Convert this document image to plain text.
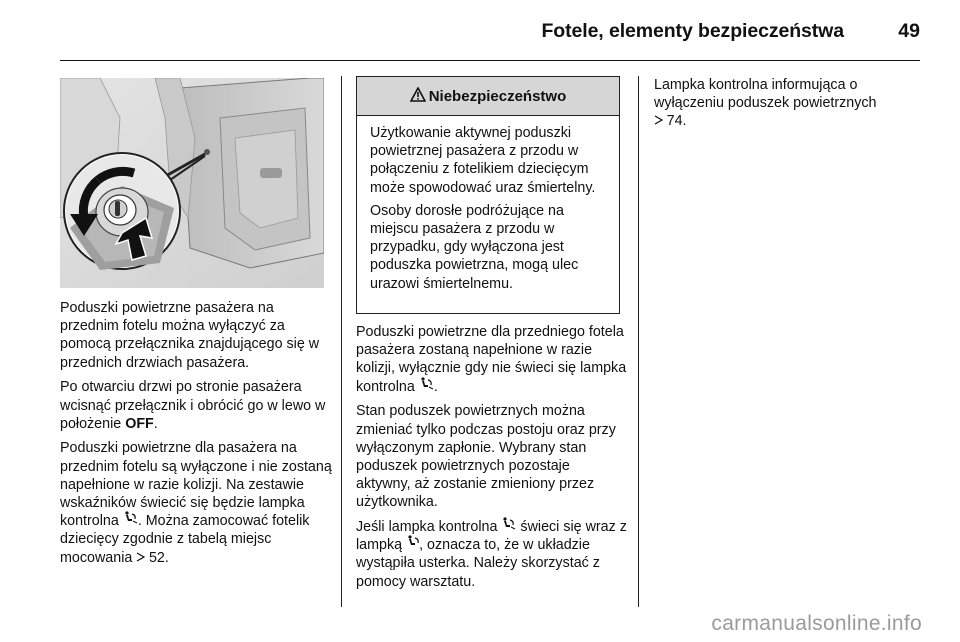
Fotele, elementy bezpieczeństwa	49

Poduszki powietrzne pasażera na przednim fotelu można wyłączyć za pomocą przełącznika znajdującego się w przednich drzwiach pasażera.

Po otwarciu drzwi po stronie pasażera wcisnąć przełącznik i obrócić go w lewo w położenie OFF.

Poduszki powietrzne dla pasażera na przednim fotelu są wyłączone i nie zostaną napełnione w razie kolizji. Na zestawie wskaźników świecić się będzie lampka kontrolna . Można zamocować fotelik dziecięcy zgodnie z tabelą miejsc mocowania 52.

Niebezpieczeństwo

Użytkowanie aktywnej poduszki powietrznej pasażera z przodu w połączeniu z fotelikiem dziecięcym może spowodować uraz śmiertelny.

Osoby dorosłe podróżujące na miejscu pasażera z przodu w przypadku, gdy wyłączona jest poduszka powietrzna, mogą ulec urazowi śmiertelnemu.

Poduszki powietrzne dla przedniego fotela pasażera zostaną napełnione w razie kolizji, wyłącznie gdy nie świeci się lampka kontrolna .

Stan poduszek powietrznych można zmieniać tylko podczas postoju oraz przy wyłączonym zapłonie. Wybrany stan poduszek powietrznych pozostaje aktywny, aż zostanie zmieniony przez użytkownika.

Jeśli lampka kontrolna świeci się wraz z lampką , oznacza to, że w układzie wystąpiła usterka. Należy skorzystać z pomocy warsztatu.

Lampka kontrolna informująca o wyłączeniu poduszek powietrznych
74.

carmanualsonline.info
